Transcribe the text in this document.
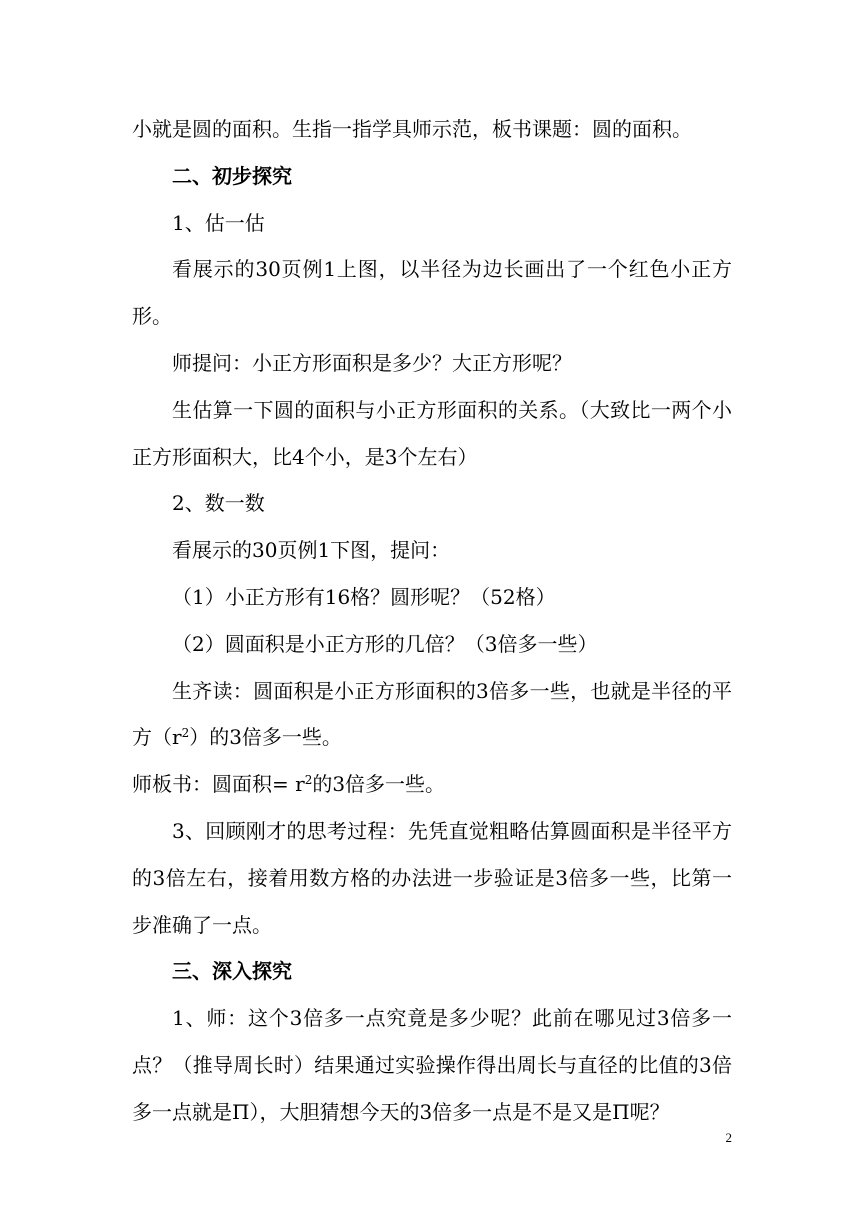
小就是圆的面积。生指一指学具师示范，板书课题：圆的面积。

二、初步探究

1、估一估

看展示的30页例1上图，以半径为边长画出了一个红色小正方形。

师提问：小正方形面积是多少？大正方形呢？

生估算一下圆的面积与小正方形面积的关系。（大致比一两个小正方形面积大，比4个小，是3个左右）

2、数一数

看展示的30页例1下图，提问：

（1）小正方形有16格？圆形呢？（52格）

（2）圆面积是小正方形的几倍？（3倍多一些）

生齐读：圆面积是小正方形面积的3倍多一些，也就是半径的平方$(r^2)$的3倍多一些。

师板书：圆面积= $r^2$的3倍多一些。

3、回顾刚才的思考过程：先凭直觉粗略估算圆面积是半径平方的3倍左右，接着用数方格的办法进一步验证是3倍多一些，比第一步准确了一点。

三、深入探究

1、师：这个3倍多一点究竟是多少呢？此前在哪见过3倍多一点？（推导周长时）结果通过实验操作得出周长与直径的比值的3倍多一点就是Π），大胆猜想今天的3倍多一点是不是又是Π呢？

2
